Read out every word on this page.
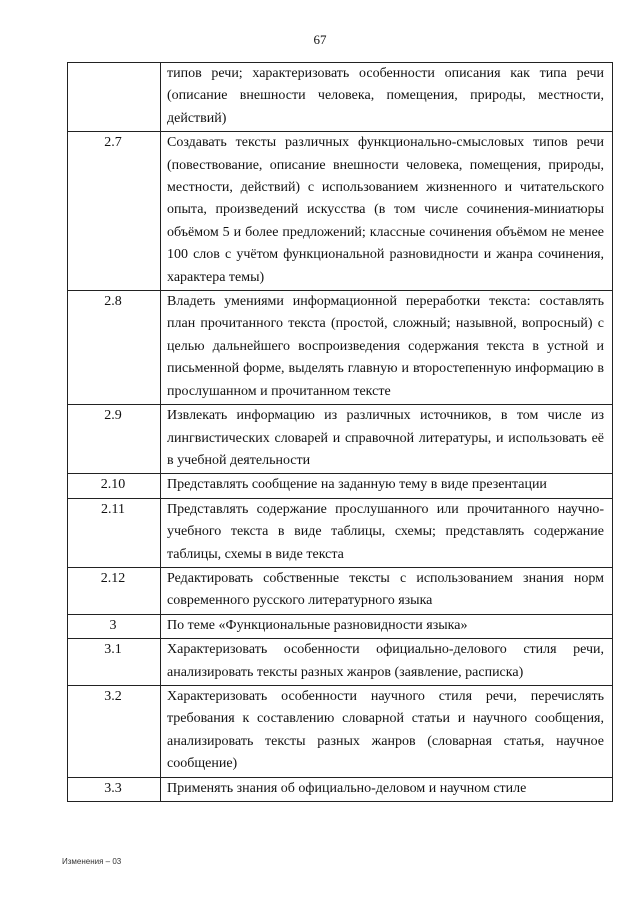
67
	типов речи; характеризовать особенности описания как типа речи (описание внешности человека, помещения, природы, местности, действий)
2.7	Создавать тексты различных функционально-смысловых типов речи (повествование, описание внешности человека, помещения, природы, местности, действий) с использованием жизненного и читательского опыта, произведений искусства (в том числе сочинения-миниатюры объёмом 5 и более предложений; классные сочинения объёмом не менее 100 слов с учётом функциональной разновидности и жанра сочинения, характера темы)
2.8	Владеть умениями информационной переработки текста: составлять план прочитанного текста (простой, сложный; назывной, вопросный) с целью дальнейшего воспроизведения содержания текста в устной и письменной форме, выделять главную и второстепенную информацию в прослушанном и прочитанном тексте
2.9	Извлекать информацию из различных источников, в том числе из лингвистических словарей и справочной литературы, и использовать её в учебной деятельности
2.10	Представлять сообщение на заданную тему в виде презентации
2.11	Представлять содержание прослушанного или прочитанного научно-учебного текста в виде таблицы, схемы; представлять содержание таблицы, схемы в виде текста
2.12	Редактировать собственные тексты с использованием знания норм современного русского литературного языка
3	По теме «Функциональные разновидности языка»
3.1	Характеризовать особенности официально-делового стиля речи, анализировать тексты разных жанров (заявление, расписка)
3.2	Характеризовать особенности научного стиля речи, перечислять требования к составлению словарной статьи и научного сообщения, анализировать тексты разных жанров (словарная статья, научное сообщение)
3.3	Применять знания об официально-деловом и научном стиле
Изменения – 03
